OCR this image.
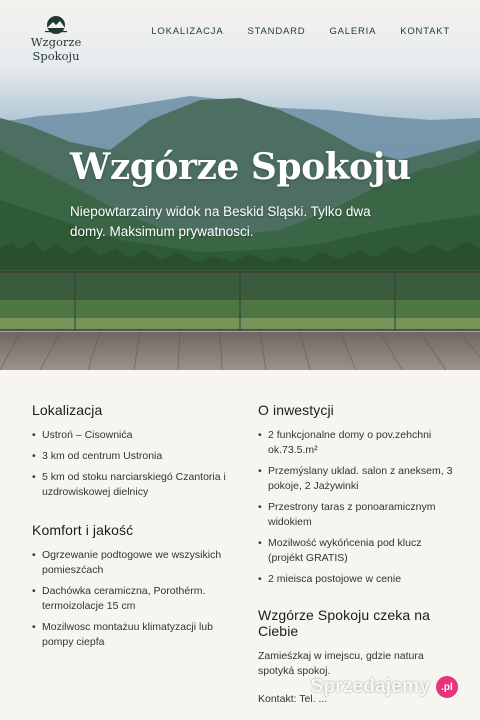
Wzgorze
Spokoju
LOKALIZACJA	STANDARD	GALERIA	KONTAKT
Wzgórze Spokoju

Niepowtarzainy widok na Beskid Sląski. Tylko dwa domy. Maksimum prywatnosci.

Lokalizacja
• Ustroń – Cisownića
• 3 km od centrum Ustronia
• 5 km od stoku narciarskiegó Czantoria i uzdrowiskowej dielnicy
Komfort i jakość
• Ogrzewanie podtogowe we wszysikich pomieszćach
• Dachówka ceramiczna, Porothérm. termoizolacje 15 cm
• Mozilwosc montażuu klimatyzacji lub pompy ciepfa
O inwestycji
• 2 funkcjonalne domy o pov.zehchni ok.73.5.m²
• Przemýslany uklad. salon z aneksem, 3 pokoje, 2 Jażywinki
• Przestrony taras z ponoaramicznym widokiem
• Mozilwość wykóńcenia pod klucz (projékt GRATIS)
• 2 mieisca postojowe w cenie
Wzgórze Spokoju czeka na Ciebie

Zamieśzkaj w imejscu, gdzie natura spotyká spokoj.

Kontakt: Tel. ...

Sprzedajemy	.pl
